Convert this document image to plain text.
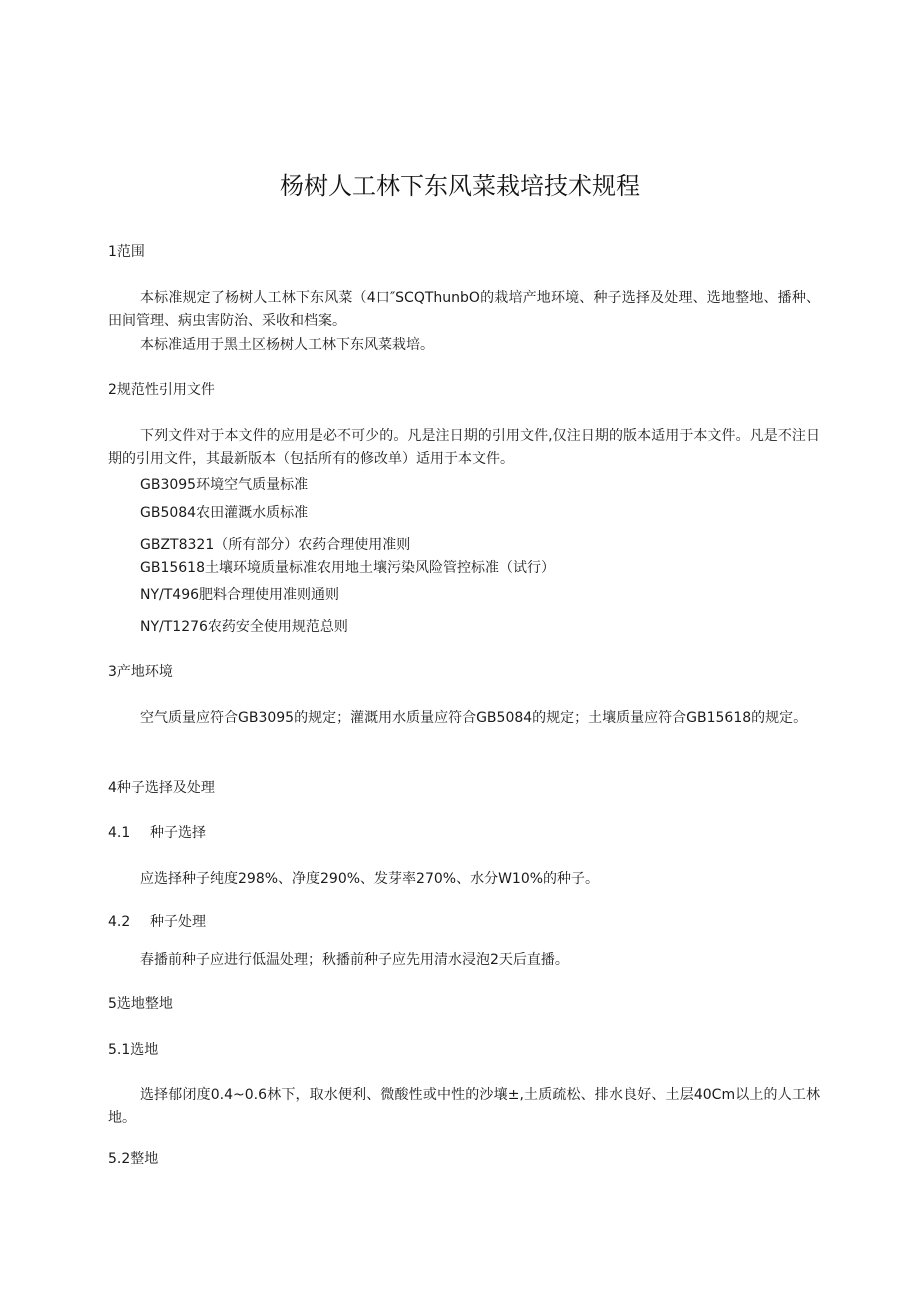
杨树人工林下东风菜栽培技术规程

1范围

本标准规定了杨树人工林下东风菜（4口″SCQThunbO的栽培产地环境、种子选择及处理、选地整地、播种、田间管理、病虫害防治、采收和档案。

本标准适用于黑土区杨树人工林下东风菜栽培。

2规范性引用文件

下列文件对于本文件的应用是必不可少的。凡是注日期的引用文件,仅注日期的版本适用于本文件。凡是不注日期的引用文件，其最新版本（包括所有的修改单）适用于本文件。

GB3095环境空气质量标准

GB5084农田灌溉水质标准

GBZT8321（所有部分）农药合理使用准则

GB15618土壤环境质量标准农用地土壤污染风险管控标准（试行）

NY/T496肥料合理使用准则通则

NY/T1276农药安全使用规范总则

3产地环境

空气质量应符合GB3095的规定；灌溉用水质量应符合GB5084的规定；土壤质量应符合GB15618的规定。

4种子选择及处理

4.1 种子选择

应选择种子纯度298%、净度290%、发芽率270%、水分W10%的种子。

4.2 种子处理

春播前种子应进行低温处理；秋播前种子应先用清水浸泡2天后直播。

5选地整地

5.1选地

选择郁闭度0.4~0.6林下，取水便利、微酸性或中性的沙壤±,土质疏松、排水良好、土层40Cm以上的人工林地。

5.2整地
